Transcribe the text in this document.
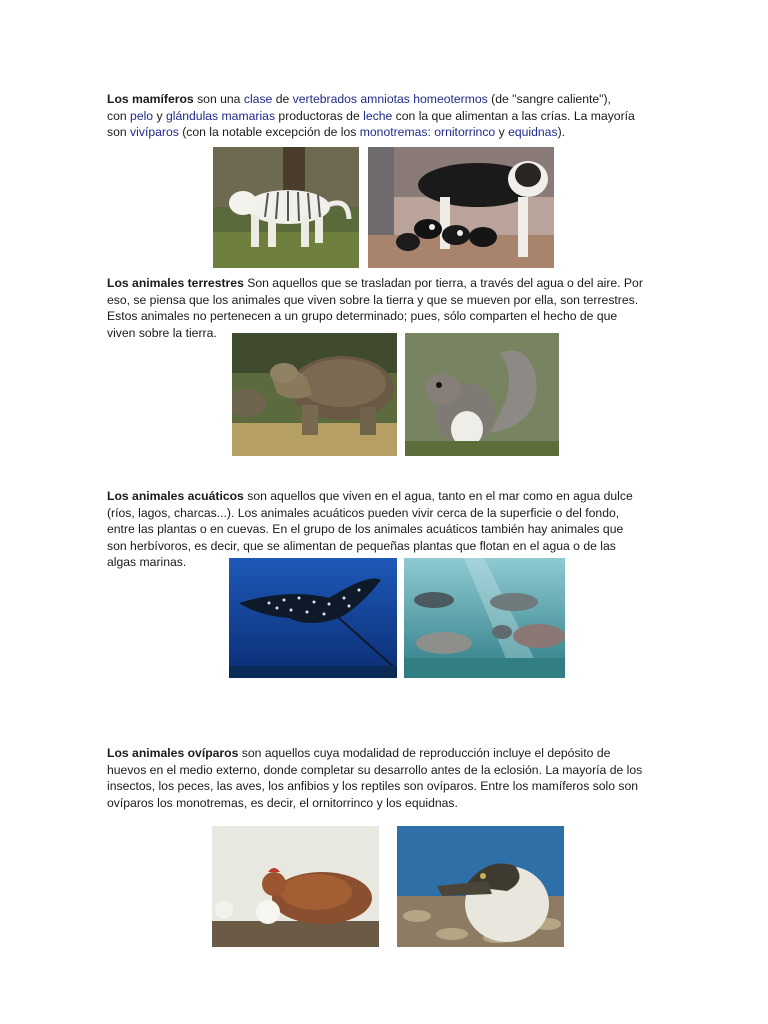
Los mamíferos son una clase de vertebrados amniotas homeotermos (de "sangre caliente"),
con pelo y glándulas mamarias productoras de leche con la que alimentan a las crías. La mayoría
son vivíparos (con la notable excepción de los monotremas: ornitorrinco y equidnas).
Los animales terrestres Son aquellos que se trasladan por tierra, a través del agua o del aire. Por
eso, se piensa que los animales que viven sobre la tierra y que se mueven por ella, son terrestres.
Estos animales no pertenecen a un grupo determinado; pues, sólo comparten el hecho de que
viven sobre la tierra.
Los animales acuáticos son aquellos que viven en el agua, tanto en el mar como en agua dulce
(ríos, lagos, charcas...). Los animales acuáticos pueden vivir cerca de la superficie o del fondo,
entre las plantas o en cuevas. En el grupo de los animales acuáticos también hay animales que
son herbívoros, es decir, que se alimentan de pequeñas plantas que flotan en el agua o de las
algas marinas.
Los animales ovíparos son aquellos cuya modalidad de reproducción incluye el depósito de
huevos en el medio externo, donde completar su desarrollo antes de la eclosión. La mayoría de los
insectos, los peces, las aves, los anfibios y los reptiles son ovíparos. Entre los mamíferos solo son
ovíparos los monotremas, es decir, el ornitorrinco y los equidnas.
